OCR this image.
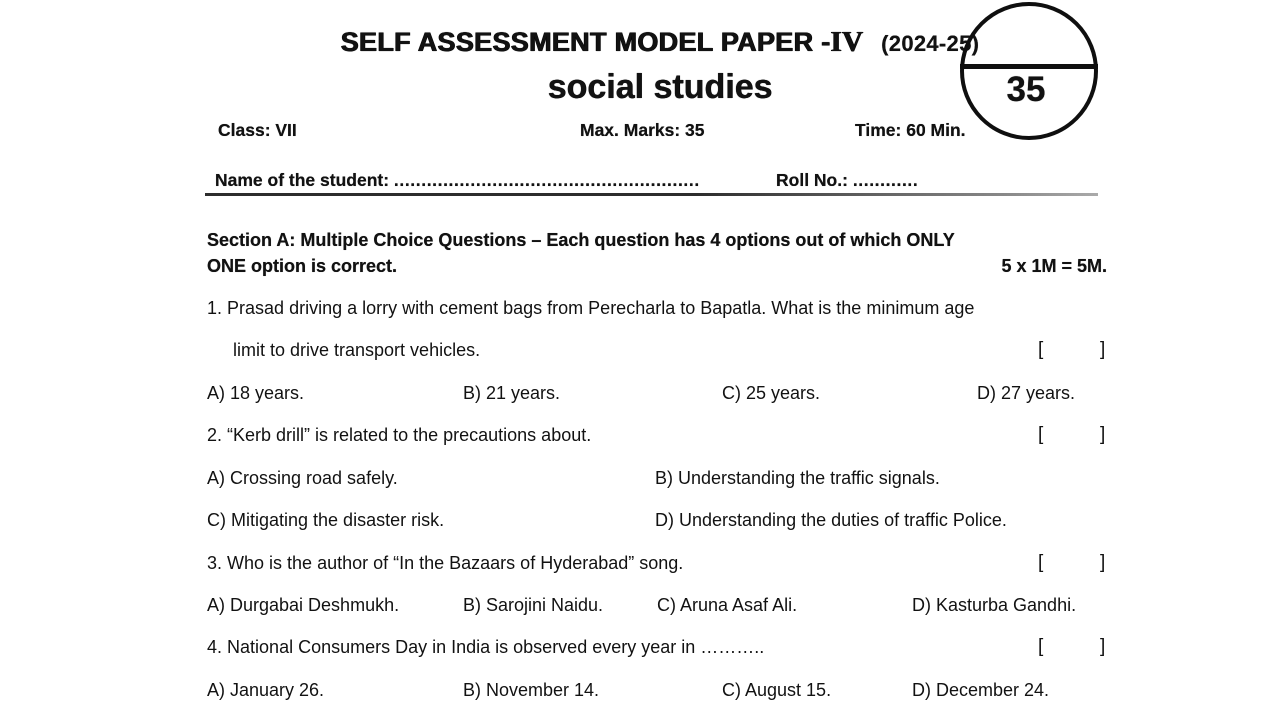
SELF ASSESSMENT MODEL PAPER -IV (2024-25)
social studies
Class: VII	Max. Marks: 35	Time: 60 Min.
35
Name of the student: ........................................................	Roll No.: ............
Section A: Multiple Choice Questions – Each question has 4 options out of which ONLY
ONE option is correct.	5 x 1M = 5M.
1. Prasad driving a lorry with cement bags from Perecharla to Bapatla. What is the minimum age
limit to drive transport vehicles.	[	]
A) 18 years.	B) 21 years.	C) 25 years.	D) 27 years.
2. “Kerb drill” is related to the precautions about.	[	]
A) Crossing road safely.	B) Understanding the traffic signals.
C) Mitigating the disaster risk.	D) Understanding the duties of traffic Police.
3. Who is the author of “In the Bazaars of Hyderabad” song.	[	]
A) Durgabai Deshmukh.	B) Sarojini Naidu.	C) Aruna Asaf Ali.	D) Kasturba Gandhi.
4. National Consumers Day in India is observed every year in ………..	[	]
A) January 26.	B) November 14.	C) August 15.	D) December 24.
